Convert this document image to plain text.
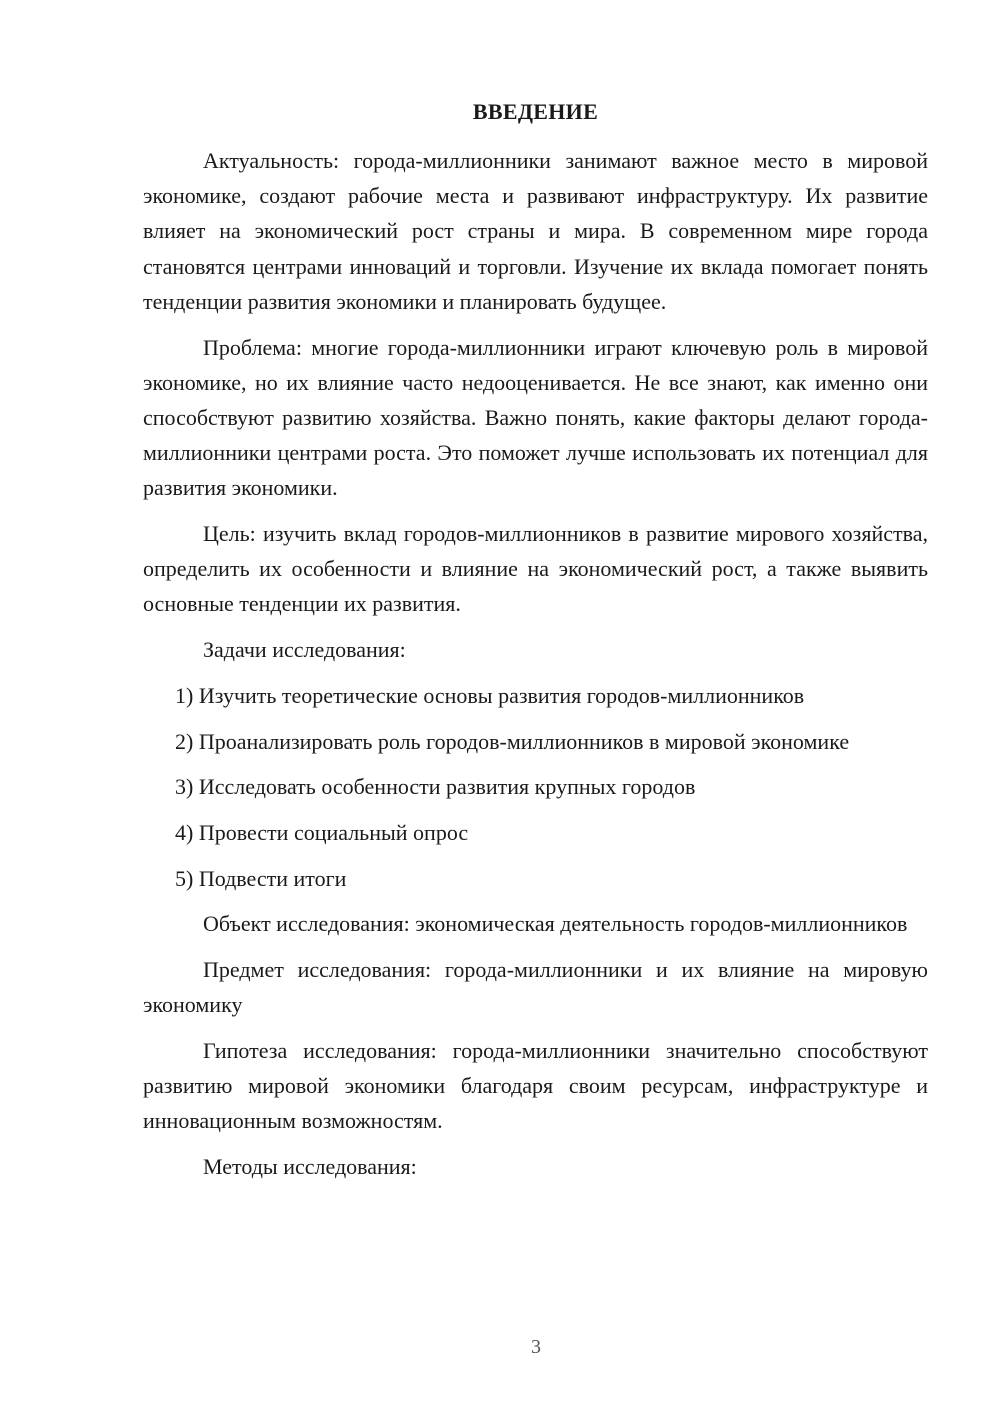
ВВЕДЕНИЕ

Актуальность: города-миллионники занимают важное место в мировой экономике, создают рабочие места и развивают инфраструктуру. Их развитие влияет на экономический рост страны и мира. В современном мире города становятся центрами инноваций и торговли. Изучение их вклада помогает понять тенденции развития экономики и планировать будущее.

Проблема: многие города-миллионники играют ключевую роль в мировой экономике, но их влияние часто недооценивается. Не все знают, как именно они способствуют развитию хозяйства. Важно понять, какие факторы делают города-миллионники центрами роста. Это поможет лучше использовать их потенциал для развития экономики.

Цель: изучить вклад городов-миллионников в развитие мирового хозяйства, определить их особенности и влияние на экономический рост, а также выявить основные тенденции их развития.

Задачи исследования:

1) Изучить теоретические основы развития городов-миллионников

2) Проанализировать роль городов-миллионников в мировой экономике

3) Исследовать особенности развития крупных городов

4) Провести социальный опрос

5) Подвести итоги

Объект исследования: экономическая деятельность городов-миллионников

Предмет исследования: города-миллионники и их влияние на мировую экономику

Гипотеза исследования: города-миллионники значительно способствуют развитию мировой экономики благодаря своим ресурсам, инфраструктуре и инновационным возможностям.

Методы исследования:

3
